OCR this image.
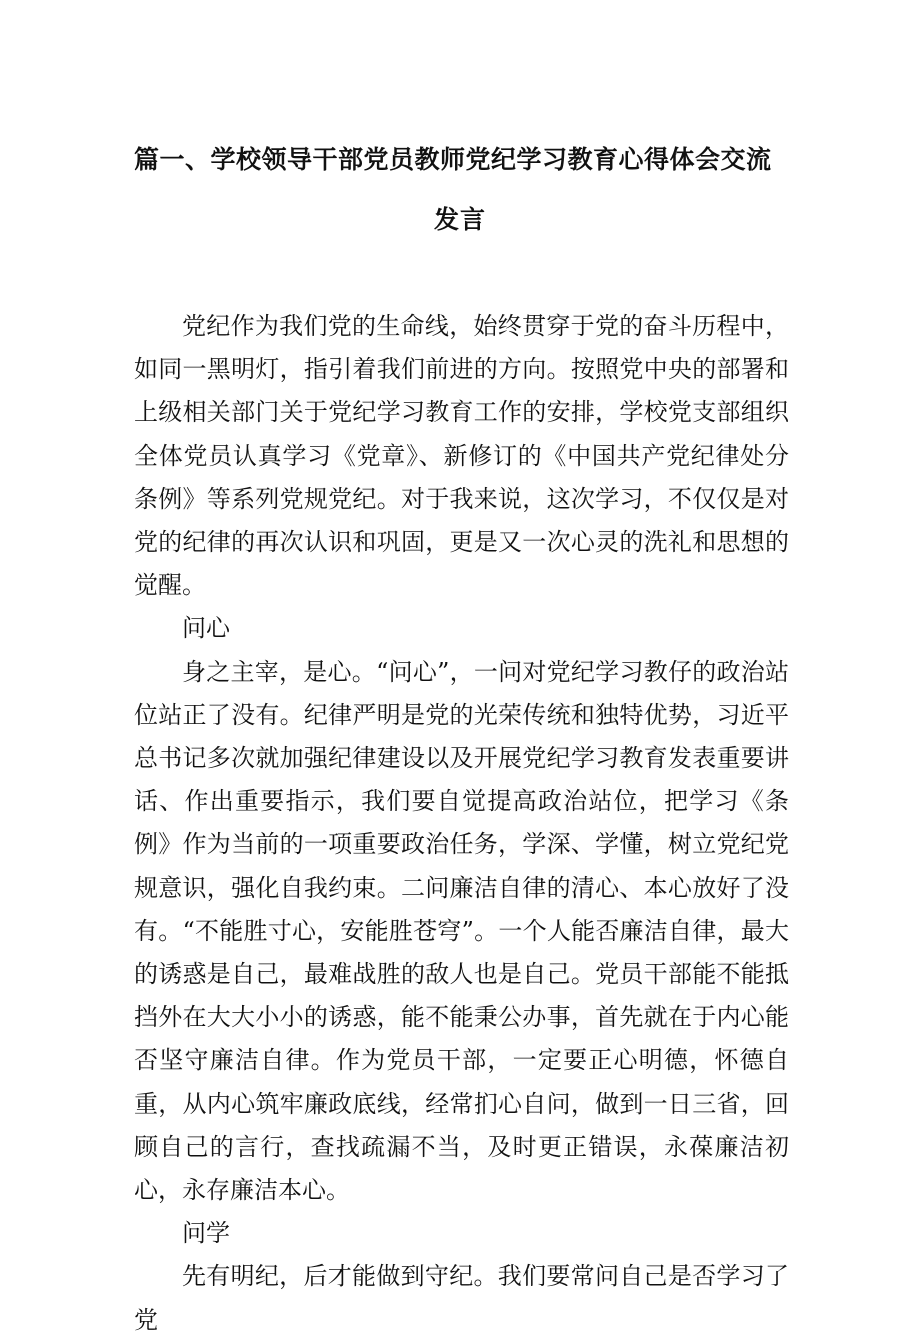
篇一、学校领导干部党员教师党纪学习教育心得体会交流
发言

党纪作为我们党的生命线，始终贯穿于党的奋斗历程中，如同一黑明灯，指引着我们前进的方向。按照党中央的部署和上级相关部门关于党纪学习教育工作的安排，学校党支部组织全体党员认真学习《党章》、新修订的《中国共产党纪律处分条例》等系列党规党纪。对于我来说，这次学习，不仅仅是对党的纪律的再次认识和巩固，更是又一次心灵的洗礼和思想的觉醒。

问心

身之主宰，是心。“问心”，一问对党纪学习教仔的政治站位站正了没有。纪律严明是党的光荣传统和独特优势，习近平总书记多次就加强纪律建设以及开展党纪学习教育发表重要讲话、作出重要指示，我们要自觉提高政治站位，把学习《条例》作为当前的一项重要政治任务，学深、学懂，树立党纪党规意识，强化自我约束。二问廉洁自律的清心、本心放好了没有。“不能胜寸心，安能胜苍穹”。一个人能否廉洁自律，最大的诱惑是自己，最难战胜的敌人也是自己。党员干部能不能抵挡外在大大小小的诱惑，能不能秉公办事，首先就在于内心能否坚守廉洁自律。作为党员干部，一定要正心明德，怀德自重，从内心筑牢廉政底线，经常扪心自问，做到一日三省，回顾自己的言行，查找疏漏不当，及时更正错误，永葆廉洁初心，永存廉洁本心。

问学

先有明纪，后才能做到守纪。我们要常问自己是否学习了党
